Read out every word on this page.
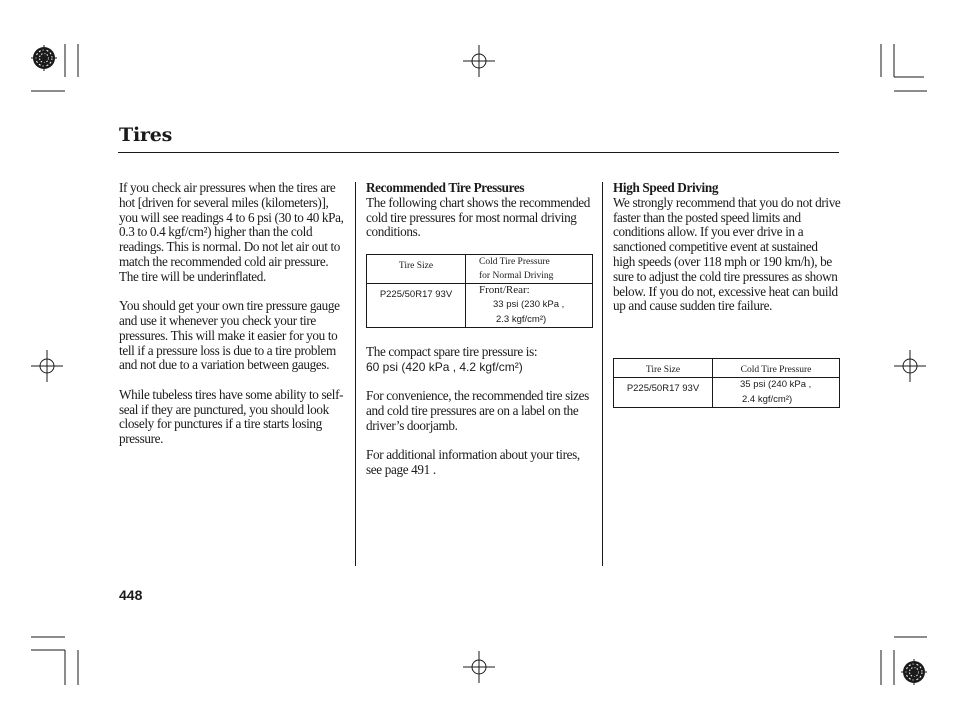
Tires

If you check air pressures when the tires are hot [driven for several miles (kilometers)], you will see readings 4 to 6 psi (30 to 40 kPa, 0.3 to 0.4 kgf/cm²) higher than the cold readings. This is normal. Do not let air out to match the recommended cold air pressure. The tire will be underinflated.

You should get your own tire pressure gauge and use it whenever you check your tire pressures. This will make it easier for you to tell if a pressure loss is due to a tire problem and not due to a variation between gauges.

While tubeless tires have some ability to self-seal if they are punctured, you should look closely for punctures if a tire starts losing pressure.

Recommended Tire Pressures

The following chart shows the recommended cold tire pressures for most normal driving conditions.

Tire Size	Cold Tire Pressure
for Normal Driving

P225/50R17 93V	Front/Rear:
33 psi (230 kPa ,
2.3 kgf/cm²)
The compact spare tire pressure is:

60 psi (420 kPa , 4.2 kgf/cm²)

For convenience, the recommended tire sizes and cold tire pressures are on a label on the driver’s doorjamb.

For additional information about your tires, see page 491 .

High Speed Driving

We strongly recommend that you do not drive faster than the posted speed limits and conditions allow. If you ever drive in a sanctioned competitive event at sustained high speeds (over 118 mph or 190 km/h), be sure to adjust the cold tire pressures as shown below. If you do not, excessive heat can build up and cause sudden tire failure.

Tire Size	Cold Tire Pressure
P225/50R17 93V	35 psi (240 kPa ,
2.4 kgf/cm²)
448
